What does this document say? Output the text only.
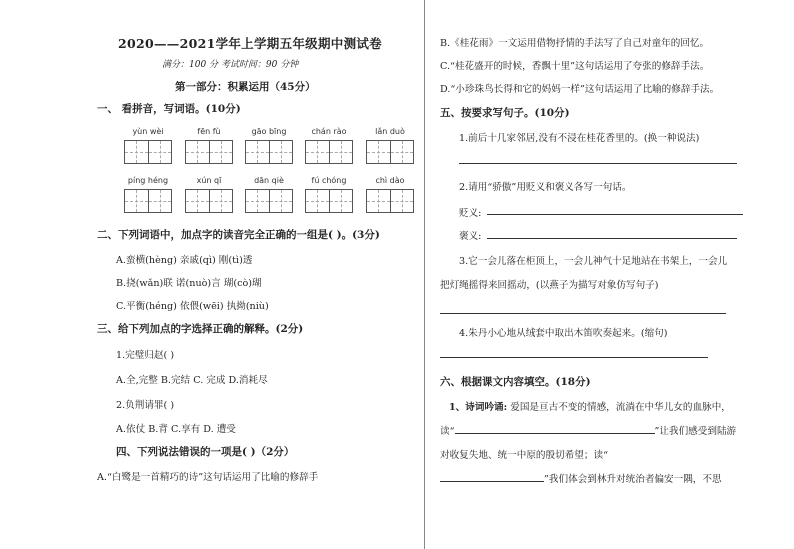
2020——2021学年上学期五年级期中测试卷
满分：100 分 考试时间：90 分钟
第一部分：积累运用（45分）
一、 看拼音，写词语。(10分)
yùn wèi	fēn fù	gāo bīng	chán rào	lǎn duò
píng héng	xún qī	dān qiè	fú chóng	chì dào
二、下列词语中，加点字的读音完全正确的一组是( )。(3分)
A.蛮横(hèng) 亲戚(qì) 刚(tì)透
B.挠(wǎn)联 诺(nuò)言 瑚(cò)瑚
C.平衡(héng) 依偎(wēi) 执拗(niù)
三、给下列加点的字选择正确的解释。(2分)
1.完璧归赵( )
A.全,完整 B.完结 C. 完成 D.消耗尽
2.负荆请罪( )
A.依仗 B.背 C.享有 D. 遭受
四、下列说法错误的一项是( )（2分）
A.“白鹭是一首精巧的诗”这句话运用了比喻的修辞手
B.《桂花雨》一文运用借物抒情的手法写了自己对童年的回忆。
C.“桂花盛开的时候，香飘十里”这句话运用了夸张的修辞手法。
D.“小珍珠鸟长得和它的妈妈一样”这句话运用了比喻的修辞手法。
五、按要求写句子。(10分)
1.前后十几家邻居,没有不浸在桂花香里的。(换一种说法)
2.请用“骄傲”用贬义和褒义各写一句话。
贬义:
褒义:
3.它一会儿落在柜顶上，一会儿神气十足地站在书架上，一会儿
把灯绳摇得来回摇动，(以燕子为描写对象仿写句子)
4.朱丹小心地从绒套中取出木笛吹奏起来。(缩句)
六、根据课文内容填空。(18分)
1、诗词吟诵: 爱国是亘古不变的情感，流淌在中华儿女的血脉中，
读“	”让我们感受到陆游
对收复失地、统一中原的殷切希望；读“
”我们体会到林升对统治者偏安一隅，不思
